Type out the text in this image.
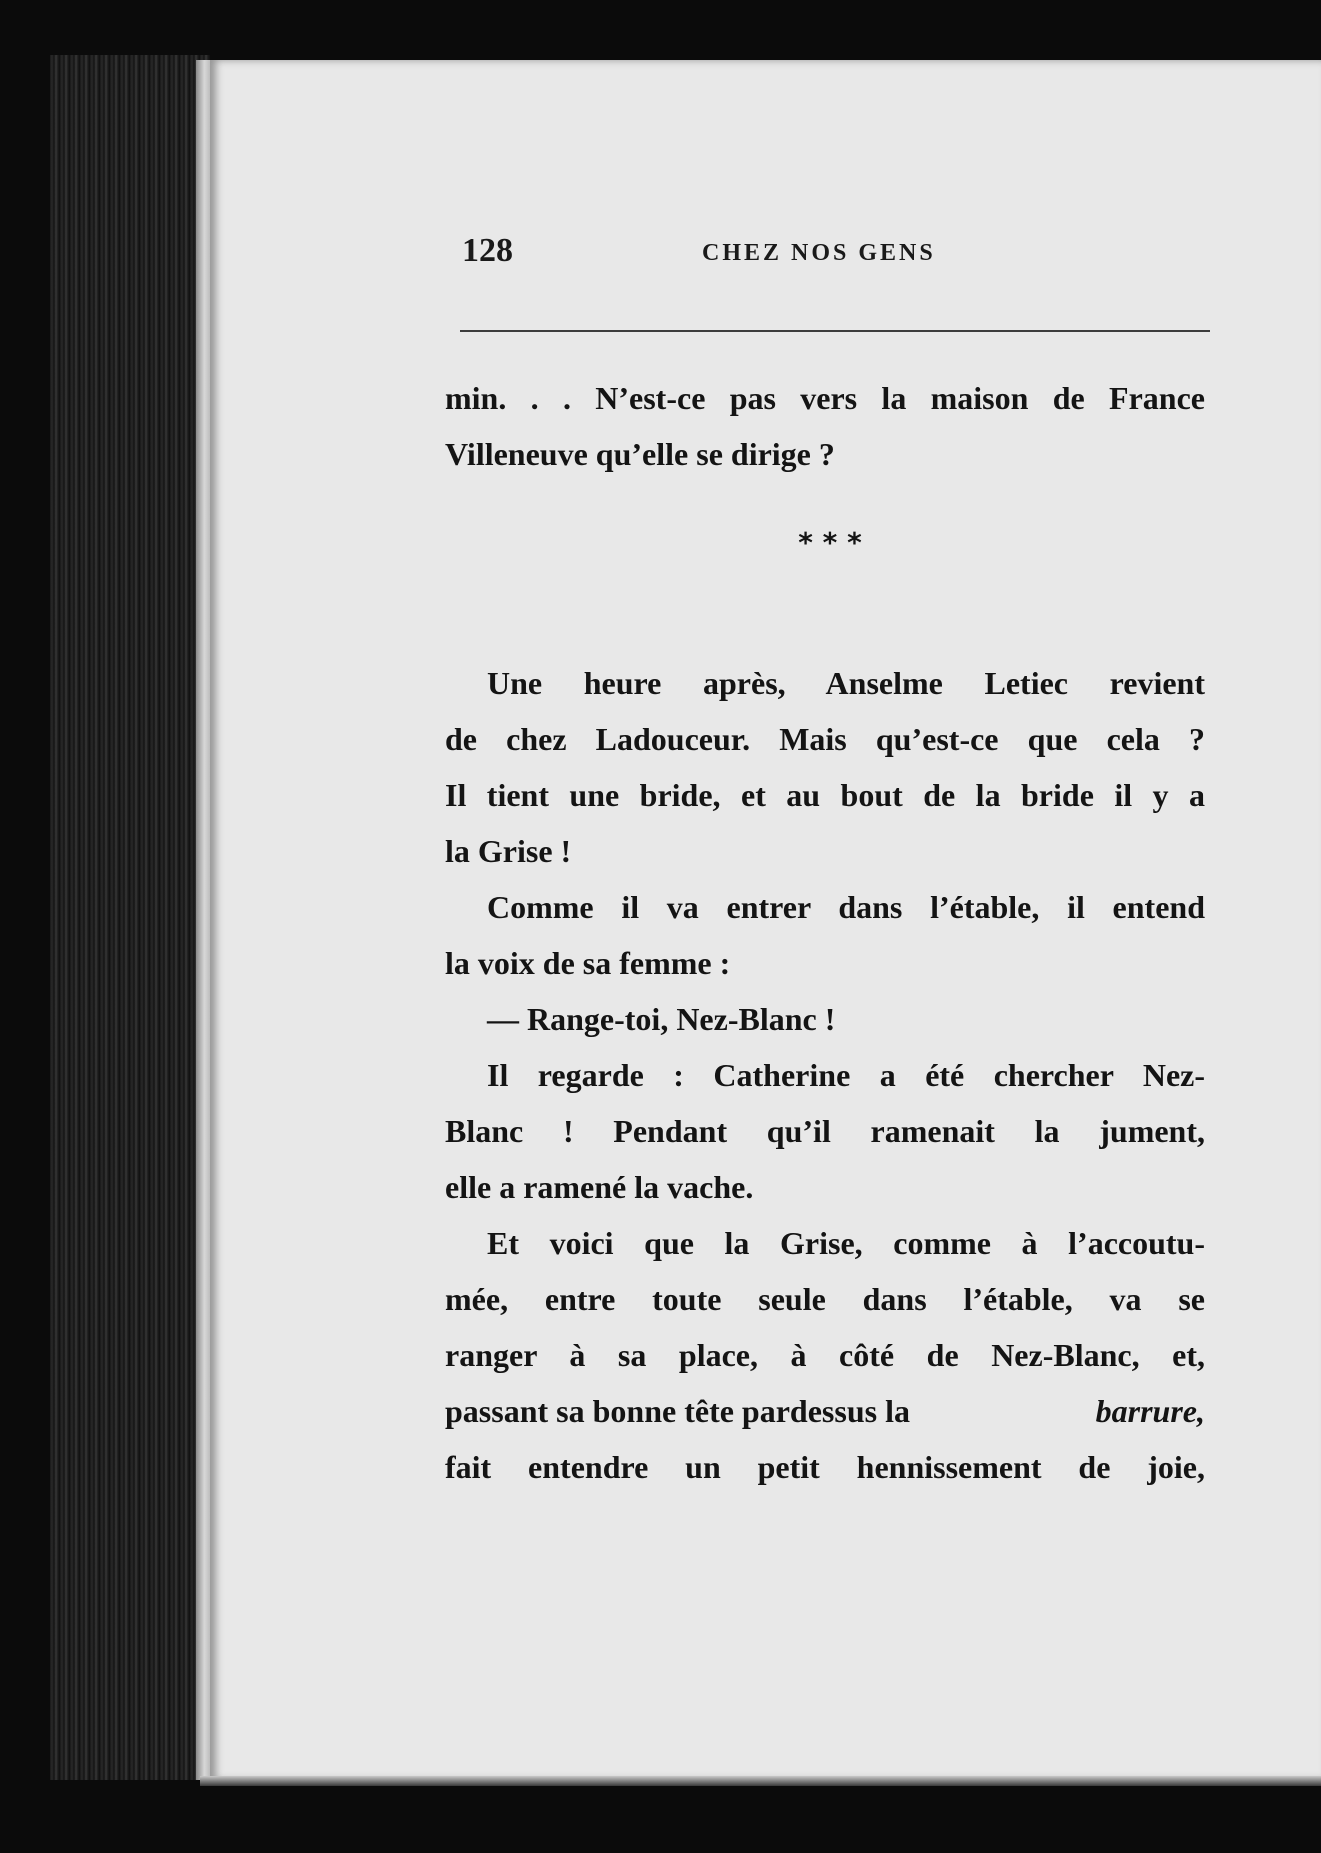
128	CHEZ NOS GENS
min. . . N’est-ce pas vers la maison de France
Villeneuve qu’elle se dirige ?
* * *
Une heure après, Anselme Letiec revient
de chez Ladouceur. Mais qu’est-ce que cela ?
Il tient une bride, et au bout de la bride il y a
la Grise !
Comme il va entrer dans l’étable, il entend
la voix de sa femme :
— Range-toi, Nez-Blanc !
Il regarde : Catherine a été chercher Nez-
Blanc ! Pendant qu’il ramenait la jument,
elle a ramené la vache.
Et voici que la Grise, comme à l’accoutu-
mée, entre toute seule dans l’étable, va se
ranger à sa place, à côté de Nez-Blanc, et,
passant sa bonne tête pardessus la	barrure,
fait entendre un petit hennissement de joie,
